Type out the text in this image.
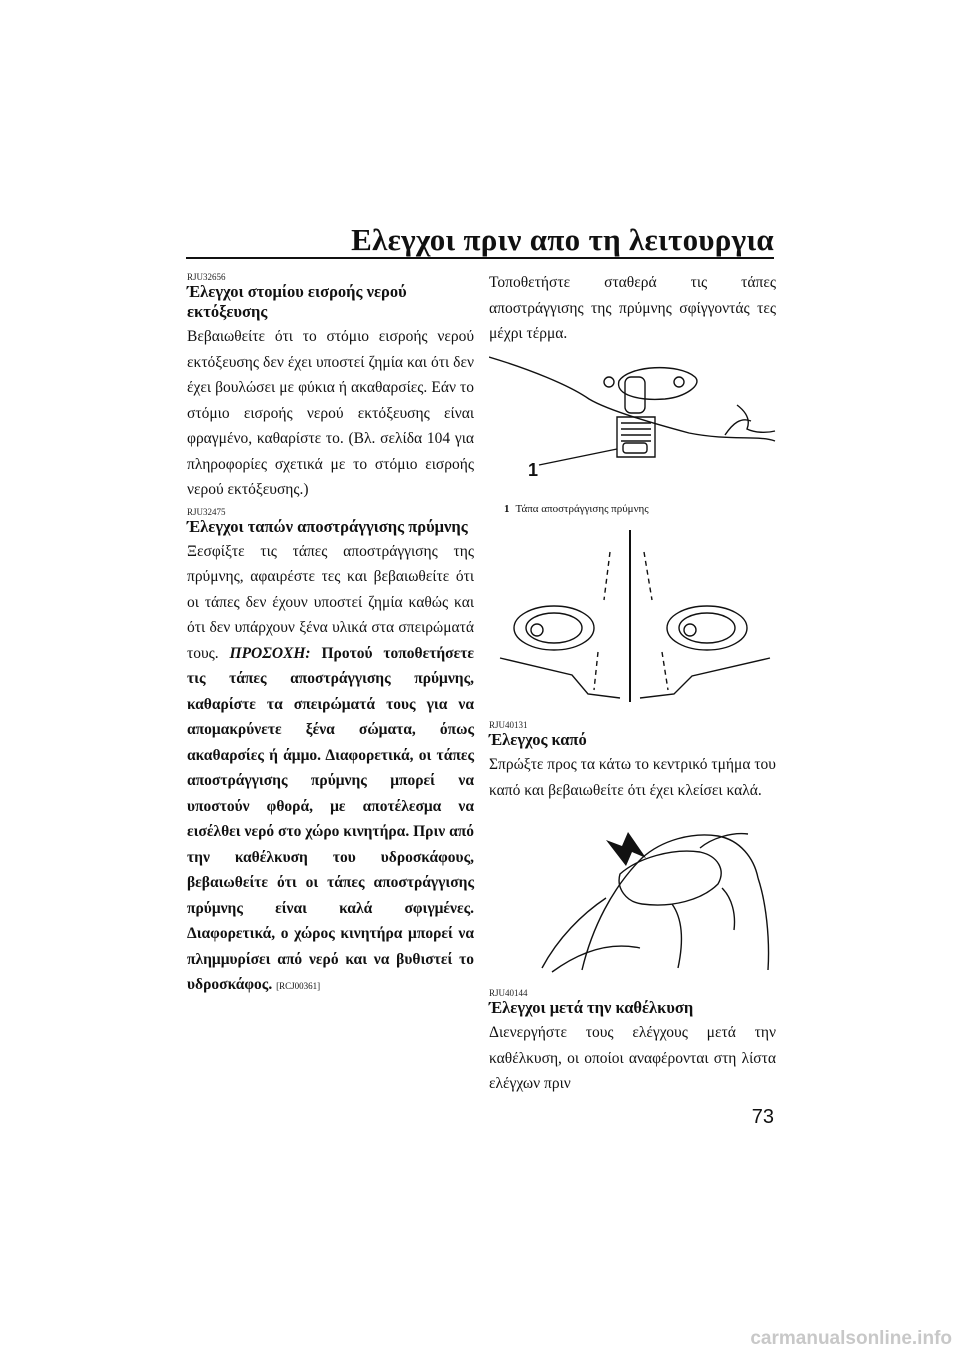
Ελεγχοι πριν απο τη λειτουργια
RJU32656
Έλεγχοι στομίου εισροής νερού εκτόξευσης
Βεβαιωθείτε ότι το στόμιο εισροής νερού εκτόξευσης δεν έχει υποστεί ζημία και ότι δεν έχει βουλώσει με φύκια ή ακαθαρσίες. Εάν το στόμιο εισροής νερού εκτόξευσης είναι φραγμένο, καθαρίστε το. (Βλ. σελίδα 104 για πληροφορίες σχετικά με το στόμιο εισροής νερού εκτόξευσης.)
RJU32475
Έλεγχοι ταπών αποστράγγισης πρύμνης
Ξεσφίξτε τις τάπες αποστράγγισης της πρύμνης, αφαιρέστε τες και βεβαιωθείτε ότι οι τάπες δεν έχουν υποστεί ζημία καθώς και ότι δεν υπάρχουν ξένα υλικά στα σπειρώματά τους. ΠΡΟΣΟΧΗ: Προτού τοποθετήσετε τις τάπες αποστράγγισης πρύμνης, καθαρίστε τα σπειρώματά τους για να απομακρύνετε ξένα σώματα, όπως ακαθαρσίες ή άμμο. Διαφορετικά, οι τάπες αποστράγγισης πρύμνης μπορεί να υποστούν φθορά, με αποτέλεσμα να εισέλθει νερό στο χώρο κινητήρα. Πριν από την καθέλκυση του υδροσκάφους, βεβαιωθείτε ότι οι τάπες αποστράγγισης πρύμνης είναι καλά σφιγμένες. Διαφορετικά, ο χώρος κινητήρα μπορεί να πλημμυρίσει από νερό και να βυθιστεί το υδροσκάφος. [RCJ00361]
Τοποθετήστε σταθερά τις τάπες αποστράγγισης της πρύμνης σφίγγοντάς τες μέχρι τέρμα.
1
1 Τάπα αποστράγγισης πρύμνης
RJU40131
Έλεγχος καπό
Σπρώξτε προς τα κάτω το κεντρικό τμήμα του καπό και βεβαιωθείτε ότι έχει κλείσει καλά.
RJU40144
Έλεγχοι μετά την καθέλκυση
Διενεργήστε τους ελέγχους μετά την καθέλκυση, οι οποίοι αναφέρονται στη λίστα ελέγχων πριν
73
carmanualsonline.info
